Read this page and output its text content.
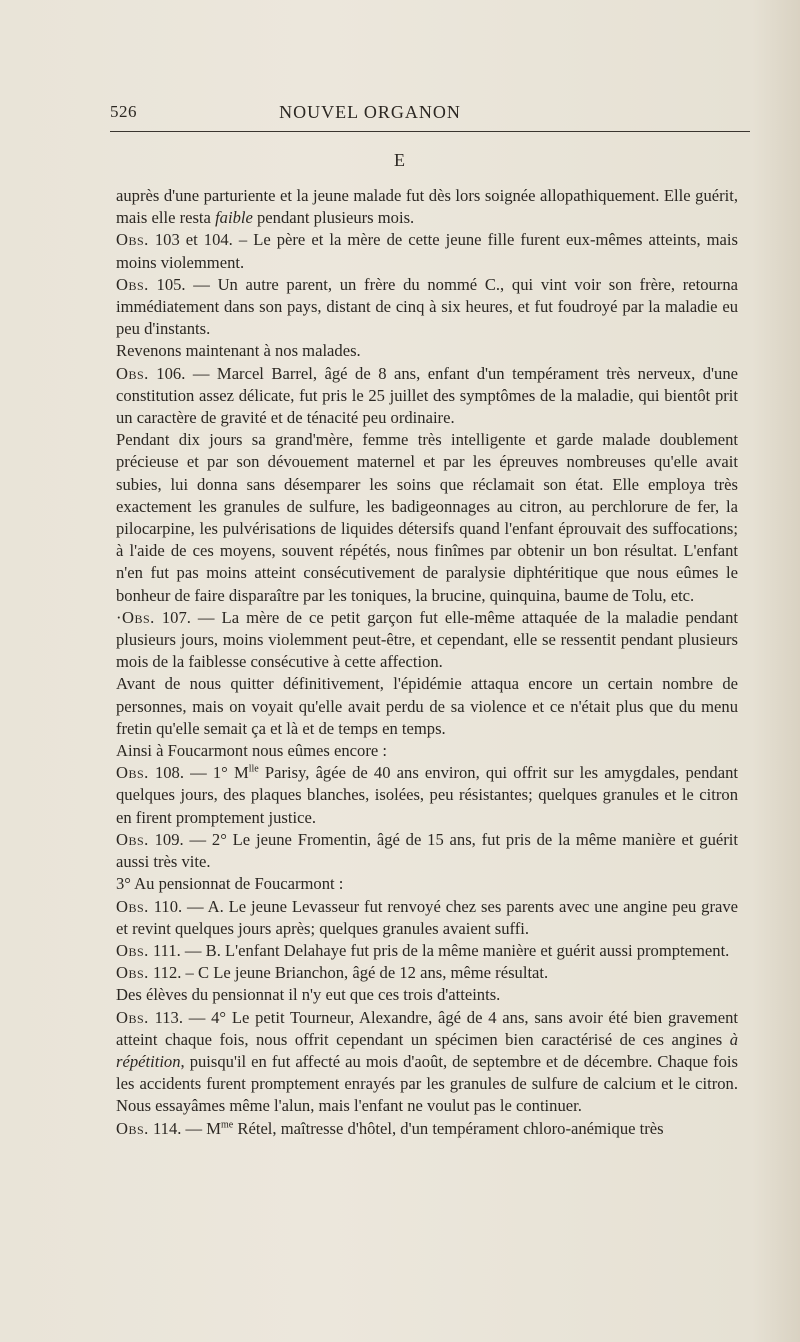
526	NOUVEL ORGANON
E

auprès d'une parturiente et la jeune malade fut dès lors soignée allopathiquement. Elle guérit, mais elle resta faible pendant plusieurs mois.

Obs. 103 et 104. – Le père et la mère de cette jeune fille furent eux-mêmes atteints, mais moins violemment.

Obs. 105. — Un autre parent, un frère du nommé C., qui vint voir son frère, retourna immédiatement dans son pays, distant de cinq à six heures, et fut foudroyé par la maladie eu peu d'instants.

Revenons maintenant à nos malades.

Obs. 106. — Marcel Barrel, âgé de 8 ans, enfant d'un tempérament très nerveux, d'une constitution assez délicate, fut pris le 25 juillet des symptômes de la maladie, qui bientôt prit un caractère de gravité et de ténacité peu ordinaire.

Pendant dix jours sa grand'mère, femme très intelligente et garde malade doublement précieuse et par son dévouement maternel et par les épreuves nombreuses qu'elle avait subies, lui donna sans désemparer les soins que réclamait son état. Elle employa très exactement les granules de sulfure, les badigeonnages au citron, au perchlorure de fer, la pilocarpine, les pulvérisations de liquides détersifs quand l'enfant éprouvait des suffocations; à l'aide de ces moyens, souvent répétés, nous finîmes par obtenir un bon résultat. L'enfant n'en fut pas moins atteint consécutivement de paralysie diphtéritique que nous eûmes le bonheur de faire disparaître par les toniques, la brucine, quinquina, baume de Tolu, etc.

·Obs. 107. — La mère de ce petit garçon fut elle-même attaquée de la maladie pendant plusieurs jours, moins violemment peut-être, et cependant, elle se ressentit pendant plusieurs mois de la faiblesse consécutive à cette affection.

Avant de nous quitter définitivement, l'épidémie attaqua encore un certain nombre de personnes, mais on voyait qu'elle avait perdu de sa violence et ce n'était plus que du menu fretin qu'elle semait ça et là et de temps en temps.

Ainsi à Foucarmont nous eûmes encore :

Obs. 108. — 1° $M^{lle}$ Parisy, âgée de 40 ans environ, qui offrit sur les amygdales, pendant quelques jours, des plaques blanches, isolées, peu résistantes; quelques granules et le citron en firent promptement justice.

Obs. 109. — 2° Le jeune Fromentin, âgé de 15 ans, fut pris de la même manière et guérit aussi très vite.

3° Au pensionnat de Foucarmont :

Obs. 110. — A. Le jeune Levasseur fut renvoyé chez ses parents avec une angine peu grave et revint quelques jours après; quelques granules avaient suffi.

Obs. 111. — B. L'enfant Delahaye fut pris de la même manière et guérit aussi promptement.

Obs. 112. – C Le jeune Brianchon, âgé de 12 ans, même résultat.

Des élèves du pensionnat il n'y eut que ces trois d'atteints.

Obs. 113. — 4° Le petit Tourneur, Alexandre, âgé de 4 ans, sans avoir été bien gravement atteint chaque fois, nous offrit cependant un spécimen bien caractérisé de ces angines à répétition, puisqu'il en fut affecté au mois d'août, de septembre et de décembre. Chaque fois les accidents furent promptement enrayés par les granules de sulfure de calcium et le citron. Nous essayâmes même l'alun, mais l'enfant ne voulut pas le continuer.

Obs. 114. — $M^{me}$ Rétel, maîtresse d'hôtel, d'un tempérament chloro-anémique très
